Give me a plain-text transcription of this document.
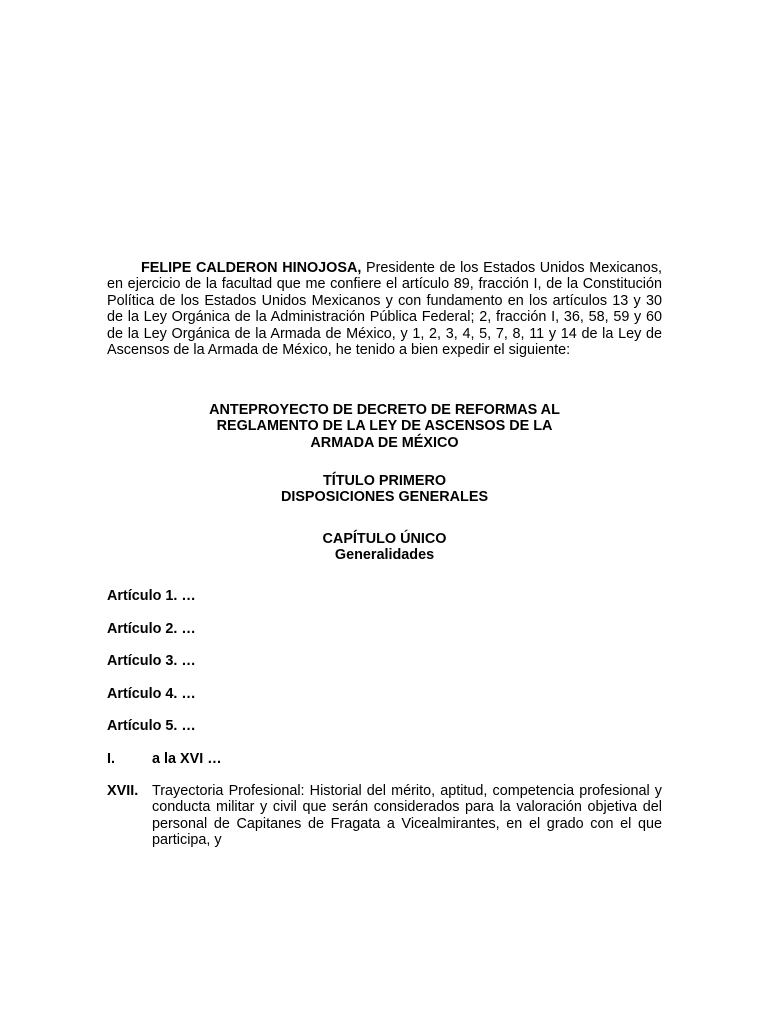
FELIPE CALDERON HINOJOSA, Presidente de los Estados Unidos Mexicanos, en ejercicio de la facultad que me confiere el artículo 89, fracción I, de la Constitución Política de los Estados Unidos Mexicanos y con fundamento en los artículos 13 y 30 de la Ley Orgánica de la Administración Pública Federal; 2, fracción I, 36, 58, 59 y 60 de la Ley Orgánica de la Armada de México, y 1, 2, 3, 4, 5, 7, 8, 11 y 14 de la Ley de Ascensos de la Armada de México, he tenido a bien expedir el siguiente:

ANTEPROYECTO DE DECRETO DE REFORMAS AL
REGLAMENTO DE LA LEY DE ASCENSOS DE LA
ARMADA DE MÉXICO
TÍTULO PRIMERO
DISPOSICIONES GENERALES
CAPÍTULO ÚNICO
Generalidades
Artículo 1. …
Artículo 2. …
Artículo 3. …
Artículo 4. …
Artículo 5. …
I.	a la XVI …
XVII. Trayectoria Profesional: Historial del mérito, aptitud, competencia profesional y conducta militar y civil que serán considerados para la valoración objetiva del personal de Capitanes de Fragata a Vicealmirantes, en el grado con el que participa, y
